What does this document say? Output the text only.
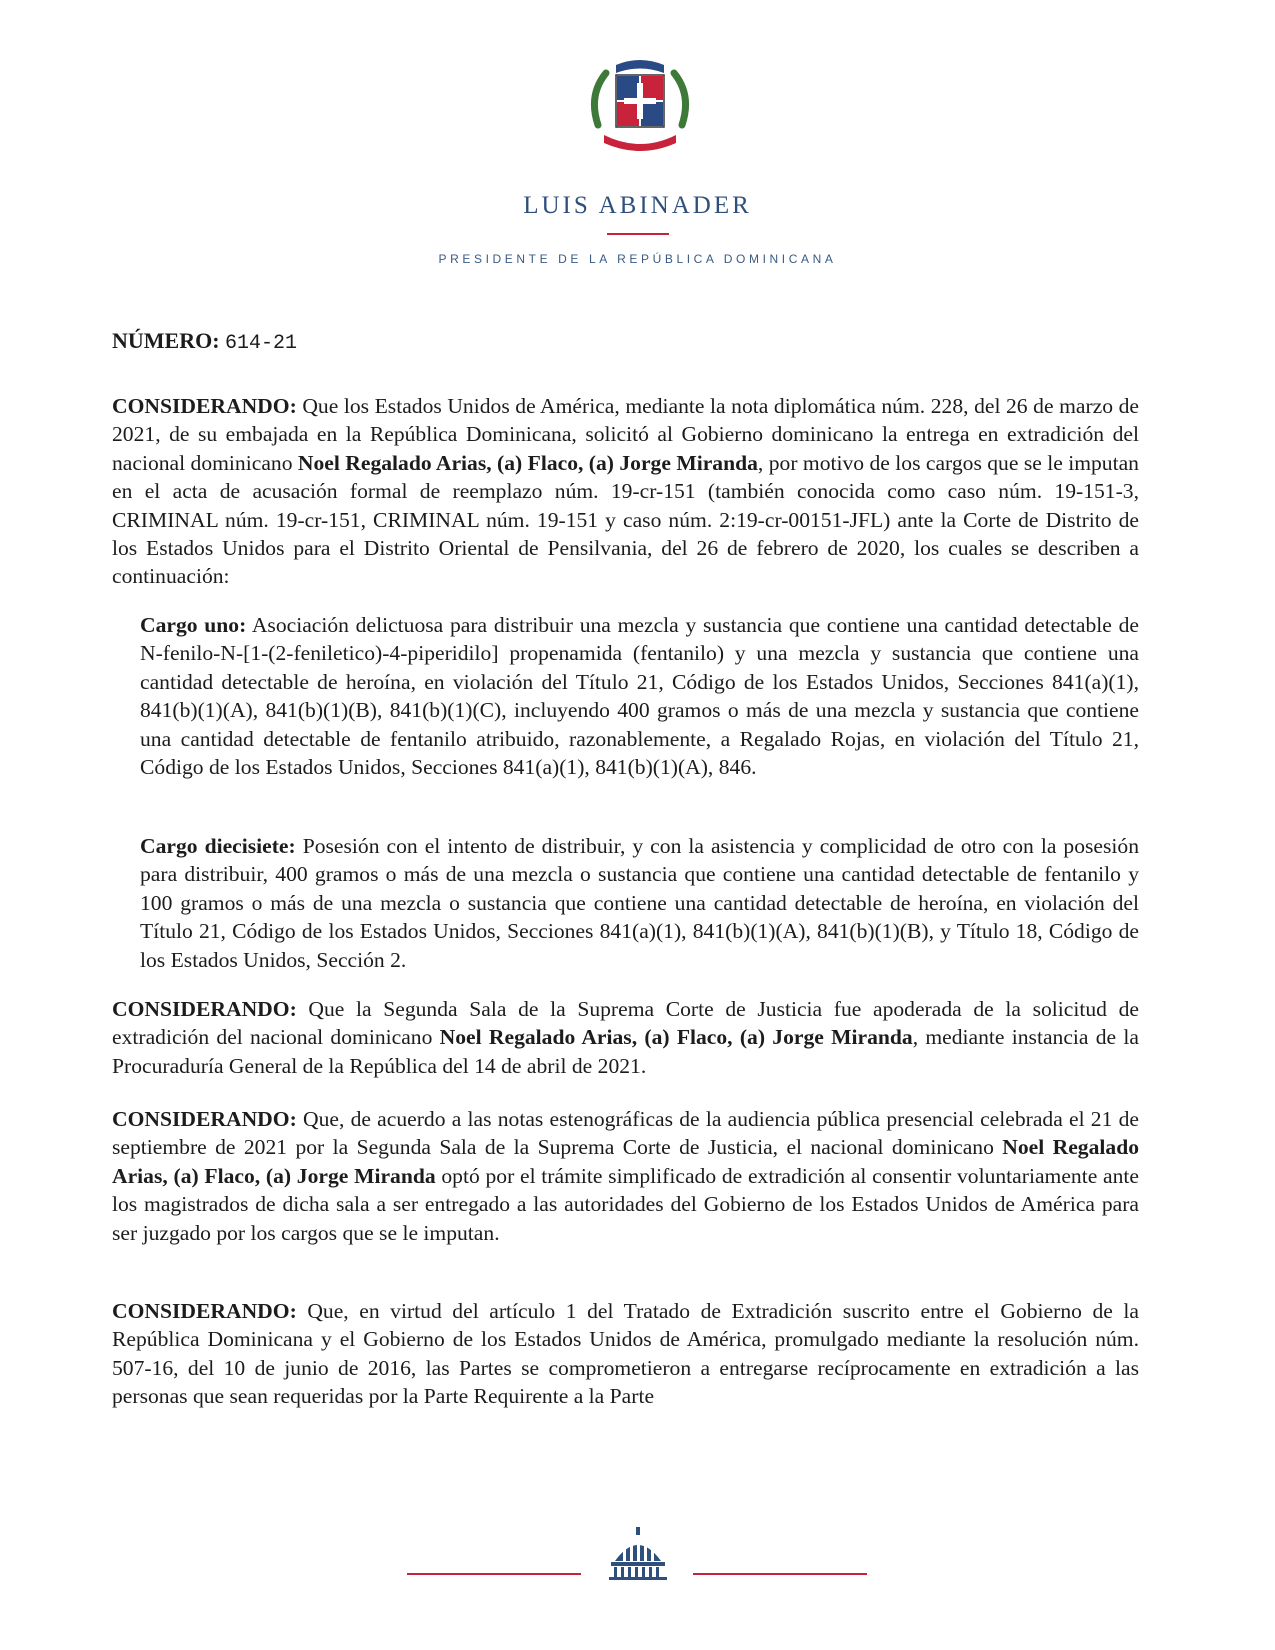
LUIS ABINADER
PRESIDENTE DE LA REPÚBLICA DOMINICANA
NÚMERO: 614-21

CONSIDERANDO: Que los Estados Unidos de América, mediante la nota diplomática núm. 228, del 26 de marzo de 2021, de su embajada en la República Dominicana, solicitó al Gobierno dominicano la entrega en extradición del nacional dominicano Noel Regalado Arias, (a) Flaco, (a) Jorge Miranda, por motivo de los cargos que se le imputan en el acta de acusación formal de reemplazo núm. 19-cr-151 (también conocida como caso núm. 19-151-3, CRIMINAL núm. 19-cr-151, CRIMINAL núm. 19-151 y caso núm. 2:19-cr-00151-JFL) ante la Corte de Distrito de los Estados Unidos para el Distrito Oriental de Pensilvania, del 26 de febrero de 2020, los cuales se describen a continuación:

Cargo uno: Asociación delictuosa para distribuir una mezcla y sustancia que contiene una cantidad detectable de N-fenilo-N-[1-(2-feniletico)-4-piperidilo] propenamida (fentanilo) y una mezcla y sustancia que contiene una cantidad detectable de heroína, en violación del Título 21, Código de los Estados Unidos, Secciones 841(a)(1), 841(b)(1)(A), 841(b)(1)(B), 841(b)(1)(C), incluyendo 400 gramos o más de una mezcla y sustancia que contiene una cantidad detectable de fentanilo atribuido, razonablemente, a Regalado Rojas, en violación del Título 21, Código de los Estados Unidos, Secciones 841(a)(1), 841(b)(1)(A), 846.

Cargo diecisiete: Posesión con el intento de distribuir, y con la asistencia y complicidad de otro con la posesión para distribuir, 400 gramos o más de una mezcla o sustancia que contiene una cantidad detectable de fentanilo y 100 gramos o más de una mezcla o sustancia que contiene una cantidad detectable de heroína, en violación del Título 21, Código de los Estados Unidos, Secciones 841(a)(1), 841(b)(1)(A), 841(b)(1)(B), y Título 18, Código de los Estados Unidos, Sección 2.

CONSIDERANDO: Que la Segunda Sala de la Suprema Corte de Justicia fue apoderada de la solicitud de extradición del nacional dominicano Noel Regalado Arias, (a) Flaco, (a) Jorge Miranda, mediante instancia de la Procuraduría General de la República del 14 de abril de 2021.

CONSIDERANDO: Que, de acuerdo a las notas estenográficas de la audiencia pública presencial celebrada el 21 de septiembre de 2021 por la Segunda Sala de la Suprema Corte de Justicia, el nacional dominicano Noel Regalado Arias, (a) Flaco, (a) Jorge Miranda optó por el trámite simplificado de extradición al consentir voluntariamente ante los magistrados de dicha sala a ser entregado a las autoridades del Gobierno de los Estados Unidos de América para ser juzgado por los cargos que se le imputan.

CONSIDERANDO: Que, en virtud del artículo 1 del Tratado de Extradición suscrito entre el Gobierno de la República Dominicana y el Gobierno de los Estados Unidos de América, promulgado mediante la resolución núm. 507-16, del 10 de junio de 2016, las Partes se comprometieron a entregarse recíprocamente en extradición a las personas que sean requeridas por la Parte Requirente a la Parte
